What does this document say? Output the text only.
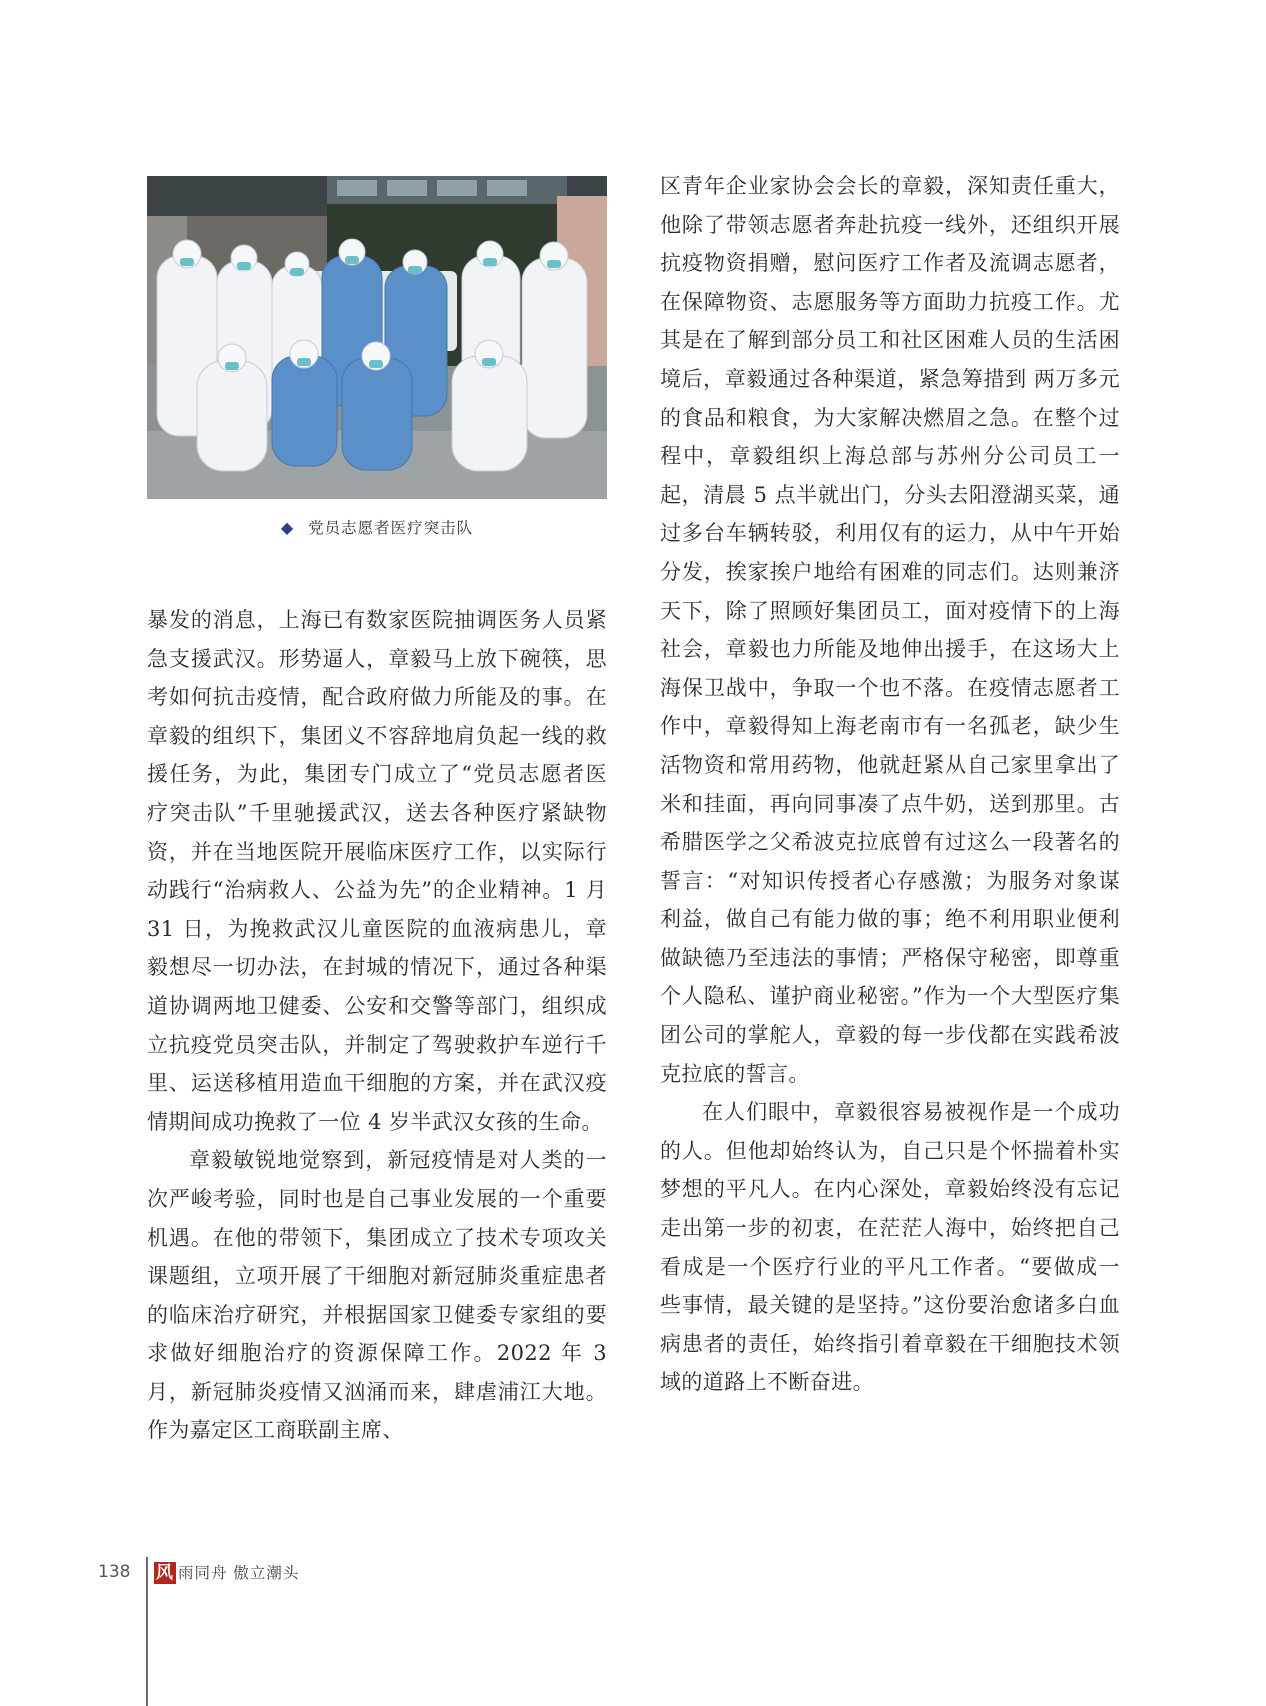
◆ 党员志愿者医疗突击队

暴发的消息，上海已有数家医院抽调医务人员紧急支援武汉。形势逼人，章毅马上放下碗筷，思考如何抗击疫情，配合政府做力所能及的事。在章毅的组织下，集团义不容辞地肩负起一线的救援任务，为此，集团专门成立了“党员志愿者医疗突击队”千里驰援武汉，送去各种医疗紧缺物资，并在当地医院开展临床医疗工作，以实际行动践行“治病救人、公益为先”的企业精神。1 月 31 日，为挽救武汉儿童医院的血液病患儿，章毅想尽一切办法，在封城的情况下，通过各种渠道协调两地卫健委、公安和交警等部门，组织成立抗疫党员突击队，并制定了驾驶救护车逆行千里、运送移植用造血干细胞的方案，并在武汉疫情期间成功挽救了一位 4 岁半武汉女孩的生命。

章毅敏锐地觉察到，新冠疫情是对人类的一次严峻考验，同时也是自己事业发展的一个重要机遇。在他的带领下，集团成立了技术专项攻关课题组，立项开展了干细胞对新冠肺炎重症患者的临床治疗研究，并根据国家卫健委专家组的要求做好细胞治疗的资源保障工作。2022 年 3 月，新冠肺炎疫情又汹涌而来，肆虐浦江大地。作为嘉定区工商联副主席、

区青年企业家协会会长的章毅，深知责任重大，他除了带领志愿者奔赴抗疫一线外，还组织开展抗疫物资捐赠，慰问医疗工作者及流调志愿者，在保障物资、志愿服务等方面助力抗疫工作。尤其是在了解到部分员工和社区困难人员的生活困境后，章毅通过各种渠道，紧急筹措到 两万多元的食品和粮食，为大家解决燃眉之急。在整个过程中，章毅组织上海总部与苏州分公司员工一起，清晨 5 点半就出门，分头去阳澄湖买菜，通过多台车辆转驳，利用仅有的运力，从中午开始分发，挨家挨户地给有困难的同志们。达则兼济天下，除了照顾好集团员工，面对疫情下的上海社会，章毅也力所能及地伸出援手，在这场大上海保卫战中，争取一个也不落。在疫情志愿者工作中，章毅得知上海老南市有一名孤老，缺少生活物资和常用药物，他就赶紧从自己家里拿出了米和挂面，再向同事凑了点牛奶，送到那里。古希腊医学之父希波克拉底曾有过这么一段著名的誓言：“对知识传授者心存感激；为服务对象谋利益，做自己有能力做的事；绝不利用职业便利做缺德乃至违法的事情；严格保守秘密，即尊重个人隐私、谨护商业秘密。”作为一个大型医疗集团公司的掌舵人，章毅的每一步伐都在实践希波克拉底的誓言。

在人们眼中，章毅很容易被视作是一个成功的人。但他却始终认为，自己只是个怀揣着朴实梦想的平凡人。在内心深处，章毅始终没有忘记走出第一步的初衷，在茫茫人海中，始终把自己看成是一个医疗行业的平凡工作者。“要做成一些事情，最关键的是坚持。”这份要治愈诸多白血病患者的责任，始终指引着章毅在干细胞技术领域的道路上不断奋进。

138 风 雨同舟 傲立潮头
